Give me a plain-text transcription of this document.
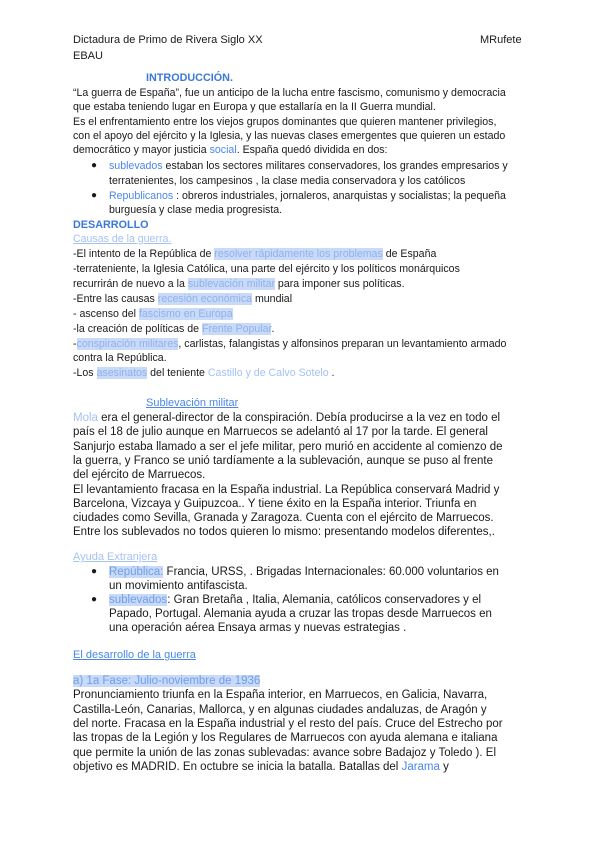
Dictadura de Primo de Rivera Siglo XX	MRufete
EBAU
INTRODUCCIÓN.
“La guerra de España”, fue un anticipo de la lucha entre fascismo, comunismo y democracia
que estaba teniendo lugar en Europa y que estallaría en la II Guerra mundial.
Es el enfrentamiento entre los viejos grupos dominantes que quieren mantener privilegios,
con el apoyo del ejército y la Iglesia, y las nuevas clases emergentes que quieren un estado
democrático y mayor justicia social. España quedó dividida en dos:
● sublevados estaban los sectores militares conservadores, los grandes empresarios y
terratenientes, los campesinos , la clase media conservadora y los católicos
● Republicanos : obreros industriales, jornaleros, anarquistas y socialistas; la pequeña
burguesía y clase media progresista.
DESARROLLO
Causas de la guerra.
-El intento de la República de resolver rápidamente los problemas de España
-terrateniente, la Iglesia Católica, una parte del ejército y los políticos monárquicos
recurrirán de nuevo a la sublevación militar para imponer sus políticas.
-Entre las causas recesión económica mundial
- ascenso del fascismo en Europa
-la creación de políticas de Frente Popular.
-conspiración militares, carlistas, falangistas y alfonsinos preparan un levantamiento armado
contra la República.
-Los asesinatos del teniente Castillo y de Calvo Sotelo .
Sublevación militar
Mola era el general-director de la conspiración. Debía producirse a la vez en todo el
país el 18 de julio aunque en Marruecos se adelantó al 17 por la tarde. El general
Sanjurjo estaba llamado a ser el jefe militar, pero murió en accidente al comienzo de
la guerra, y Franco se unió tardíamente a la sublevación, aunque se puso al frente
del ejército de Marruecos.
El levantamiento fracasa en la España industrial. La República conservará Madrid y
Barcelona, Vizcaya y Guipuzcoa.. Y tiene éxito en la España interior. Triunfa en
ciudades como Sevilla, Granada y Zaragoza. Cuenta con el ejército de Marruecos.
Entre los sublevados no todos quieren lo mismo: presentando modelos diferentes,.
Ayuda Extranjera
● República: Francia, URSS, . Brigadas Internacionales: 60.000 voluntarios en
un movimiento antifascista.
● sublevados: Gran Bretaña , Italia, Alemania, católicos conservadores y el
Papado, Portugal. Alemania ayuda a cruzar las tropas desde Marruecos en
una operación aérea Ensaya armas y nuevas estrategias .
El desarrollo de la guerra
a) 1a Fase: Julio-noviembre de 1936
Pronunciamiento triunfa en la España interior, en Marruecos, en Galicia, Navarra,
Castilla-León, Canarias, Mallorca, y en algunas ciudades andaluzas, de Aragón y
del norte. Fracasa en la España industrial y el resto del país. Cruce del Estrecho por
las tropas de la Legión y los Regulares de Marruecos con ayuda alemana e italiana
que permite la unión de las zonas sublevadas: avance sobre Badajoz y Toledo ). El
objetivo es MADRID. En octubre se inicia la batalla. Batallas del Jarama y
